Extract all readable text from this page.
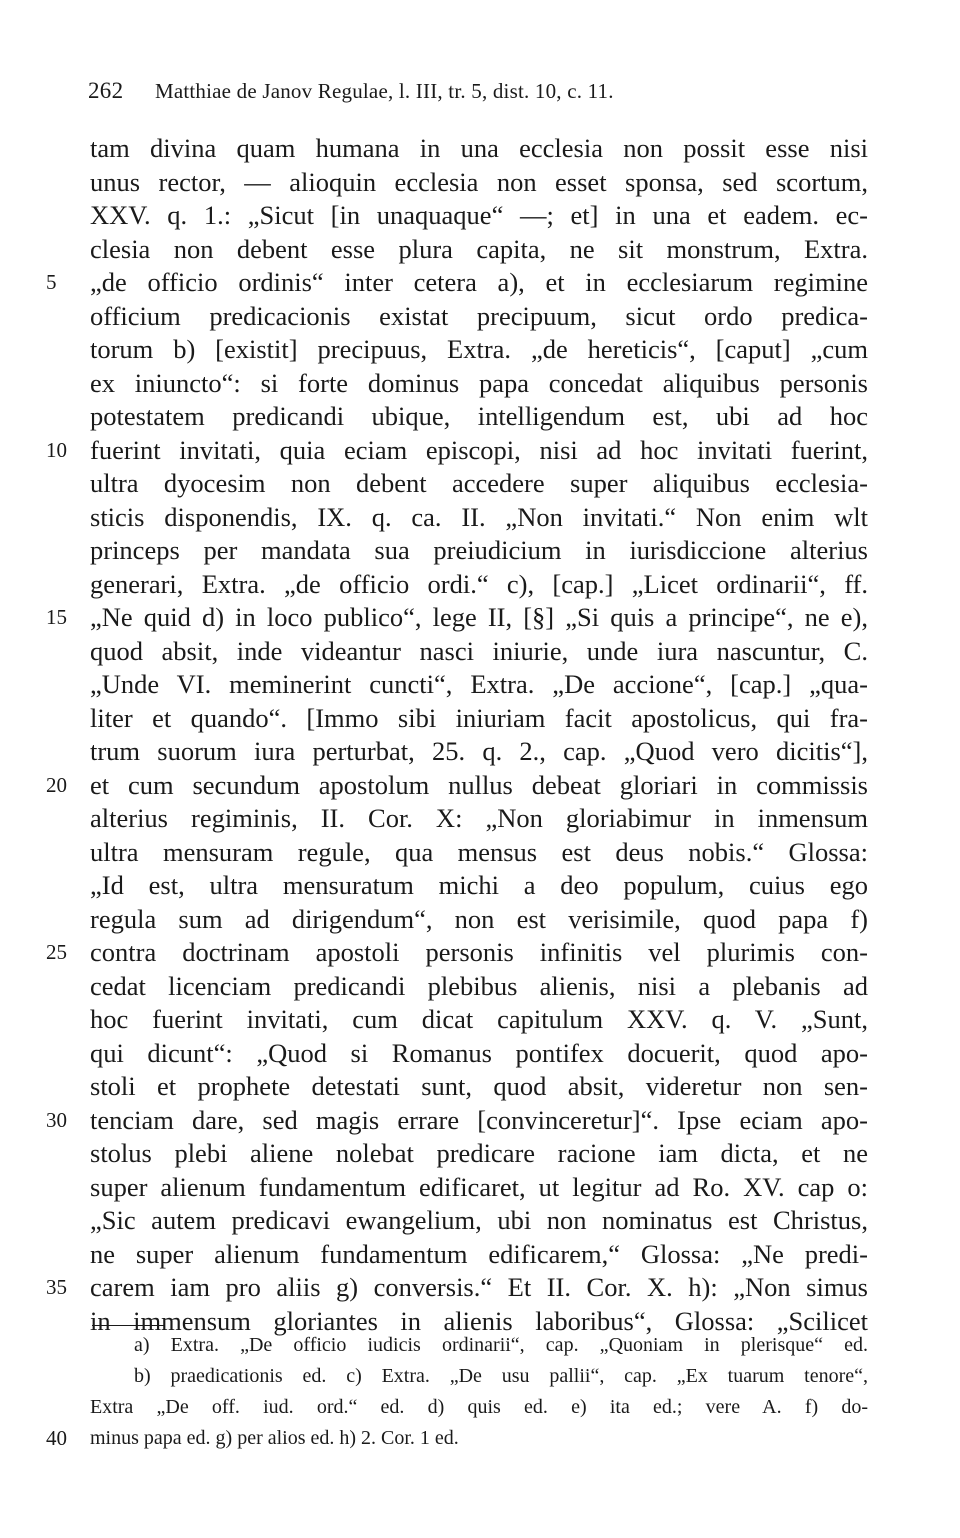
262 Matthiae de Janov Regulae, l. III, tr. 5, dist. 10, c. 11.
tam divina quam humana in una ecclesia non possit esse nisi
unus rector, — alioquin ecclesia non esset sponsa, sed scortum,
XXV. q. 1.: „Sicut [in unaquaque“ —; et] in una et eadem. ec-
clesia non debent esse plura capita, ne sit monstrum, Extra.
5	„de officio ordinis“ inter cetera a), et in ecclesiarum regimine
officium predicacionis existat precipuum, sicut ordo predica-
torum b) [existit] precipuus, Extra. „de hereticis“, [caput] „cum
ex iniuncto“: si forte dominus papa concedat aliquibus personis
potestatem predicandi ubique, intelligendum est, ubi ad hoc
10 fuerint invitati, quia eciam episcopi, nisi ad hoc invitati fuerint,
ultra dyocesim non debent accedere super aliquibus ecclesia-
sticis disponendis, IX. q. ca. II. „Non invitati.“ Non enim wlt
princeps per mandata sua preiudicium in iurisdiccione alterius
generari, Extra. „de officio ordi.“ c), [cap.] „Licet ordinarii“, ff.
15 „Ne quid d) in loco publico“, lege II, [§] „Si quis a principe“, ne e),
quod absit, inde videantur nasci iniurie, unde iura nascuntur, C.
„Unde VI. meminerint cuncti“, Extra. „De accione“, [cap.] „qua-
liter et quando“. [Immo sibi iniuriam facit apostolicus, qui fra-
trum suorum iura perturbat, 25. q. 2., cap. „Quod vero dicitis“],
20 et cum secundum apostolum nullus debeat gloriari in commissis
alterius regiminis, II. Cor. X: „Non gloriabimur in inmensum
ultra mensuram regule, qua mensus est deus nobis.“ Glossa:
„Id est, ultra mensuratum michi a deo populum, cuius ego
regula sum ad dirigendum“, non est verisimile, quod papa f)
25 contra doctrinam apostoli personis infinitis vel plurimis con-
cedat licenciam predicandi plebibus alienis, nisi a plebanis ad
hoc fuerint invitati, cum dicat capitulum XXV. q. V. „Sunt,
qui dicunt“: „Quod si Romanus pontifex docuerit, quod apo-
stoli et prophete detestati sunt, quod absit, videretur non sen-
30 tenciam dare, sed magis errare [convinceretur]“. Ipse eciam apo-
stolus plebi aliene nolebat predicare racione iam dicta, et ne
super alienum fundamentum edificaret, ut legitur ad Ro. XV. cap o:
„Sic autem predicavi ewangelium, ubi non nominatus est Christus,
ne super alienum fundamentum edificarem,“ Glossa: „Ne predi-
35 carem iam pro aliis g) conversis.“ Et II. Cor. X. h): „Non simus
in immensum gloriantes in alienis laboribus“, Glossa: „Scilicet
a) Extra. „De officio iudicis ordinarii“, cap. „Quoniam in plerisque“ ed.
b) praedicationis ed. c) Extra. „De usu pallii“, cap. „Ex tuarum tenore“,
Extra „De off. iud. ord.“ ed. d) quis ed. e) ita ed.; vere A. f) do-
40	minus papa ed. g) per alios ed. h) 2. Cor. 1 ed.
